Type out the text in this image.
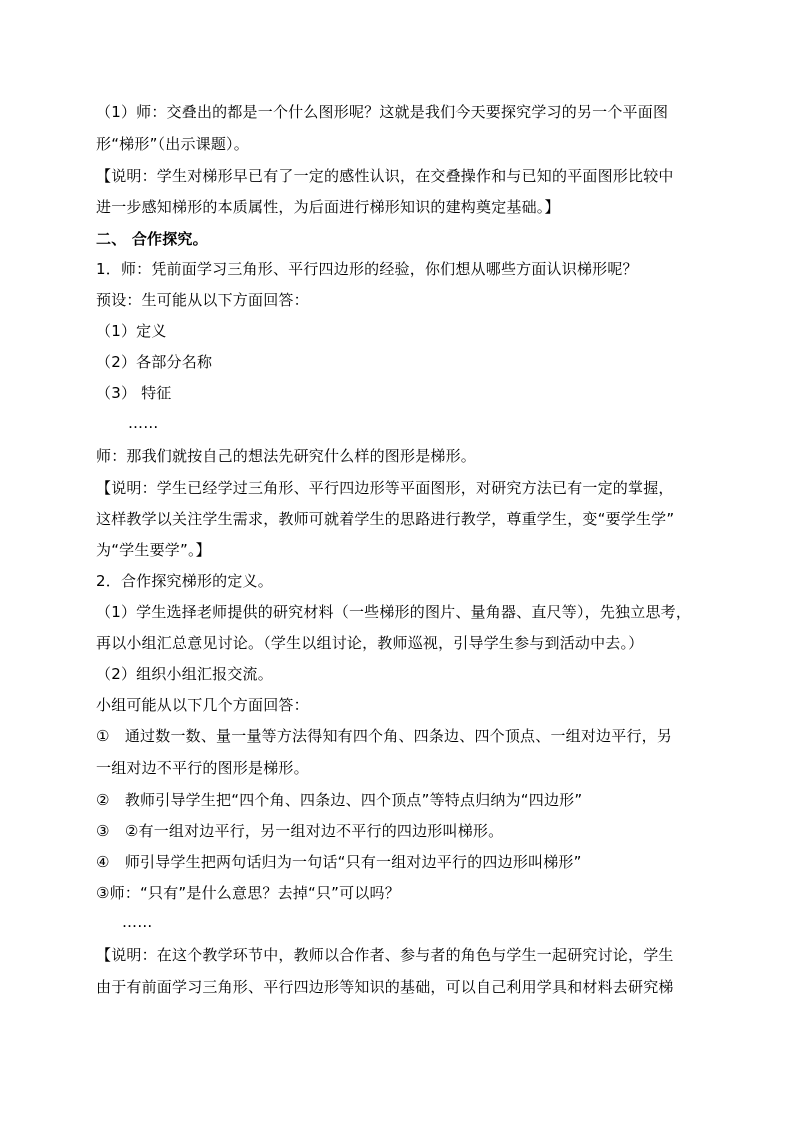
（1）师：交叠出的都是一个什么图形呢？这就是我们今天要探究学习的另一个平面图
形“梯形”（出示课题）。
【说明：学生对梯形早已有了一定的感性认识，在交叠操作和与已知的平面图形比较中
进一步感知梯形的本质属性，为后面进行梯形知识的建构奠定基础。】
二、 合作探究。
1．师：凭前面学习三角形、平行四边形的经验，你们想从哪些方面认识梯形呢？
预设：生可能从以下方面回答：
（1）定义
（2）各部分名称
（3） 特征
……
师：那我们就按自己的想法先研究什么样的图形是梯形。
【说明：学生已经学过三角形、平行四边形等平面图形，对研究方法已有一定的掌握，
这样教学以关注学生需求，教师可就着学生的思路进行教学，尊重学生，变“要学生学”
为“学生要学”。】
2．合作探究梯形的定义。
（1）学生选择老师提供的研究材料（一些梯形的图片、量角器、直尺等），先独立思考，
再以小组汇总意见讨论。（学生以组讨论，教师巡视，引导学生参与到活动中去。）
（2）组织小组汇报交流。
小组可能从以下几个方面回答：
①　通过数一数、量一量等方法得知有四个角、四条边、四个顶点、一组对边平行，另
一组对边不平行的图形是梯形。
②　教师引导学生把“四个角、四条边、四个顶点”等特点归纳为“四边形”
③　②有一组对边平行，另一组对边不平行的四边形叫梯形。
④　师引导学生把两句话归为一句话“只有一组对边平行的四边形叫梯形”
③师：“只有”是什么意思？去掉“只”可以吗？
……
【说明：在这个教学环节中，教师以合作者、参与者的角色与学生一起研究讨论，学生
由于有前面学习三角形、平行四边形等知识的基础，可以自己利用学具和材料去研究梯
